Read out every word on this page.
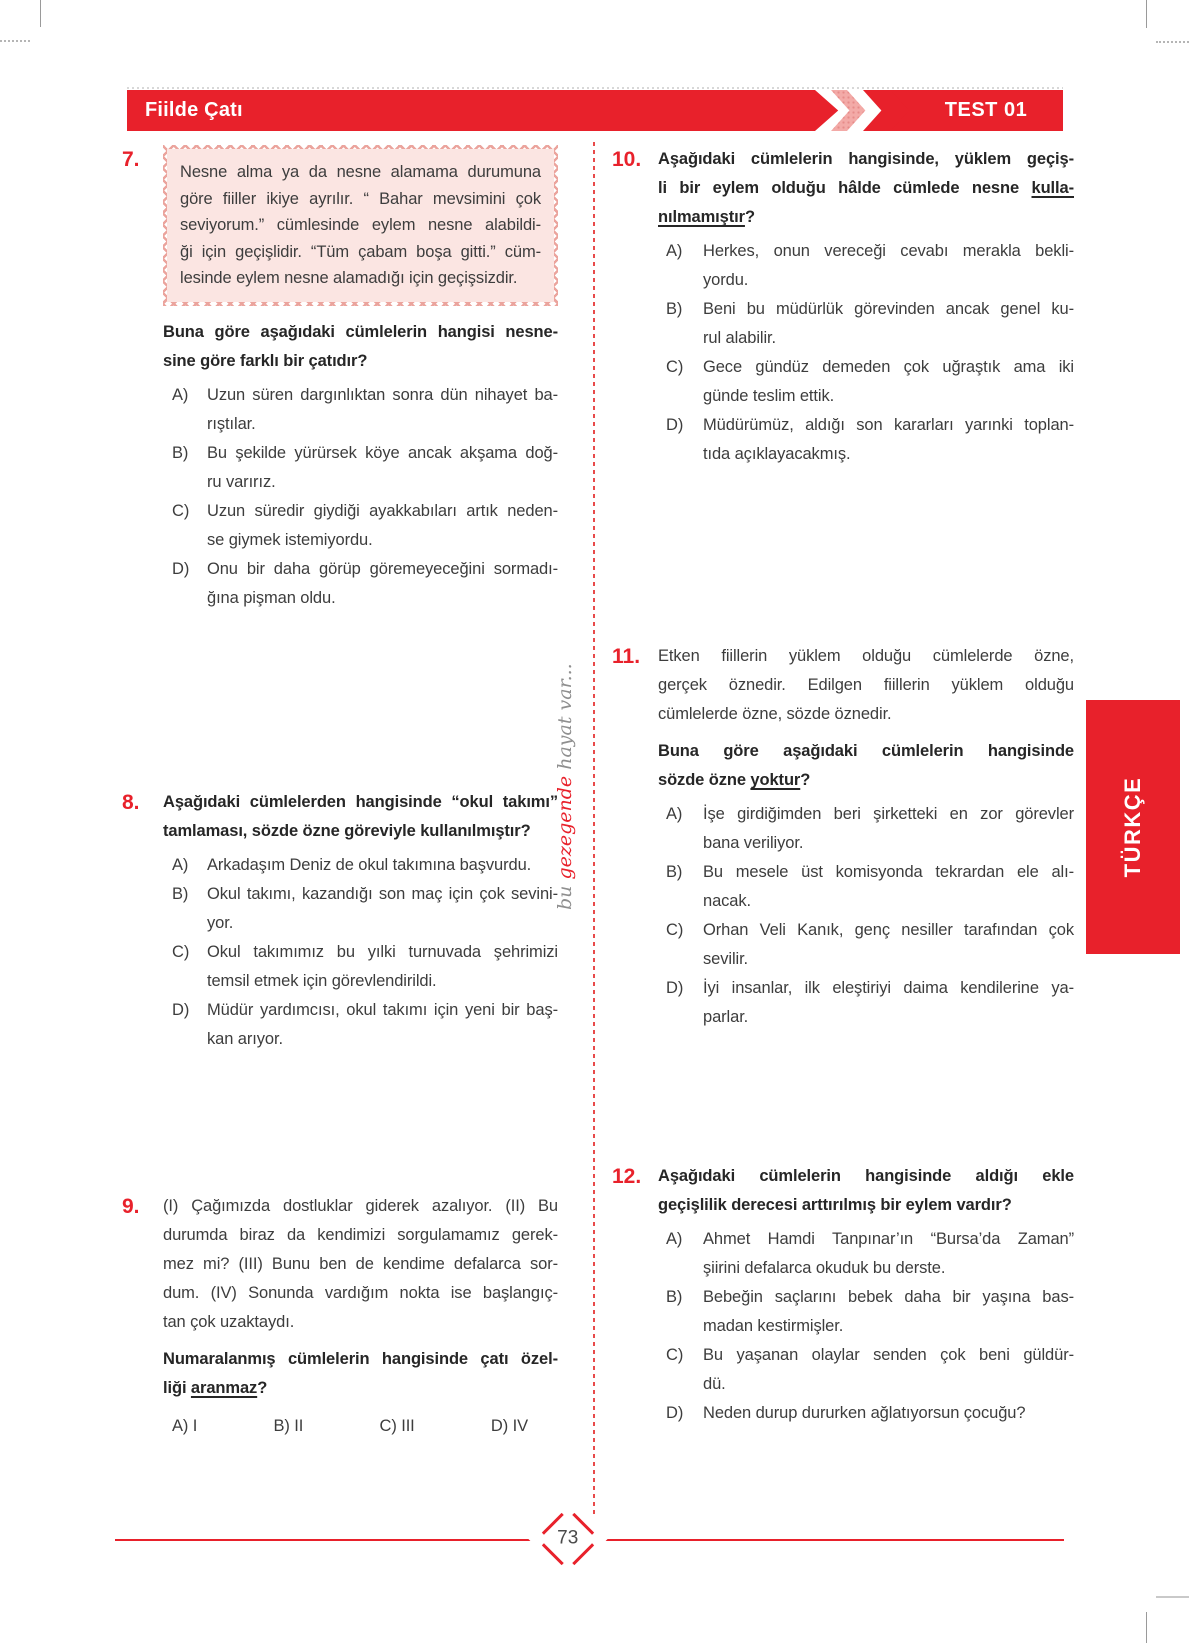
Fiilde Çatı	TEST 01
7.
Nesne alma ya da nesne alamama durumuna
göre fiiller ikiye ayrılır. “ Bahar mevsimini çok
seviyorum.” cümlesinde eylem nesne alabildi-
ği için geçişlidir. “Tüm çabam boşa gitti.” cüm-
lesinde eylem nesne alamadığı için geçişsizdir.
Buna göre aşağıdaki cümlelerin hangisi nesne-
sine göre farklı bir çatıdır?
A)	Uzun süren dargınlıktan sonra dün nihayet ba-
rıştılar.
B)	Bu şekilde yürürsek köye ancak akşama doğ-
ru varırız.
C)	Uzun süredir giydiği ayakkabıları artık neden-
se giymek istemiyordu.
D)	Onu bir daha görüp göremeyeceğini sormadı-
ğına pişman oldu.
8.	Aşağıdaki cümlelerden hangisinde “okul takımı”
tamlaması, sözde özne göreviyle kullanılmıştır?
A)	Arkadaşım Deniz de okul takımına başvurdu.
B)	Okul takımı, kazandığı son maç için çok sevini-
yor.
C)	Okul takımımız bu yılki turnuvada şehrimizi
temsil etmek için görevlendirildi.
D)	Müdür yardımcısı, okul takımı için yeni bir baş-
kan arıyor.
9.	(I) Çağımızda dostluklar giderek azalıyor. (II) Bu
durumda biraz da kendimizi sorgulamamız gerek-
mez mi? (III) Bunu ben de kendime defalarca sor-
dum. (IV) Sonunda vardığım nokta ise başlangıç-
tan çok uzaktaydı.
Numaralanmış cümlelerin hangisinde çatı özel-
liği aranmaz?
A) I	B) II	C) III	D) IV
10.	Aşağıdaki cümlelerin hangisinde, yüklem geçiş-
li bir eylem olduğu hâlde cümlede nesne kulla-
nılmamıştır?
A)	Herkes, onun vereceği cevabı merakla bekli-
yordu.
B)	Beni bu müdürlük görevinden ancak genel ku-
rul alabilir.
C)	Gece gündüz demeden çok uğraştık ama iki
günde teslim ettik.
D)	Müdürümüz, aldığı son kararları yarınki toplan-
tıda açıklayacakmış.
11.	Etken fiillerin yüklem olduğu cümlelerde özne,
gerçek öznedir. Edilgen fiillerin yüklem olduğu
cümlelerde özne, sözde öznedir.
Buna göre aşağıdaki cümlelerin hangisinde
sözde özne yoktur?
A)	İşe girdiğimden beri şirketteki en zor görevler
bana veriliyor.
B)	Bu mesele üst komisyonda tekrardan ele alı-
nacak.
C)	Orhan Veli Kanık, genç nesiller tarafından çok
sevilir.
D)	İyi insanlar, ilk eleştiriyi daima kendilerine ya-
parlar.
12.	Aşağıdaki cümlelerin hangisinde aldığı ekle
geçişlilik derecesi arttırılmış bir eylem vardır?
A)	Ahmet Hamdi Tanpınar’ın “Bursa’da Zaman”
şiirini defalarca okuduk bu derste.
B)	Bebeğin saçlarını bebek daha bir yaşına bas-
madan kestirmişler.
C)	Bu yaşanan olaylar senden çok beni güldür-
dü.
D)	Neden durup dururken ağlatıyorsun çocuğu?
bu gezegende hayat var...
TÜRKÇE
73
